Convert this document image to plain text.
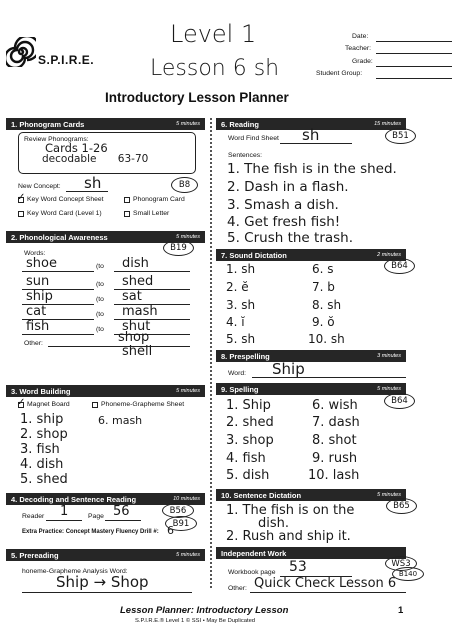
S.P.I.R.E.
Level 1
Lesson 6 sh
Date:
Teacher:
Grade:
Student Group:
Introductory Lesson Planner
1. Phonogram Cards	5 minutes
Review Phonograms:
Cards 1-26
decodable 63-70
New Concept: sh	B8
✓ Key Word Concept Sheet	Phonogram Card
Key Word Card (Level 1)	Small Letter
2. Phonological Awareness	5 minutes
B19
Words:
shoe	(to dish
sun	(to shed
ship	(to sat
cat	(to mash
fish	(to shut
Other:	shop
shell
3. Word Building	5 minutes
✓ Magnet Board	Phoneme-Grapheme Sheet
1. ship
2. shop
3. fish
4. dish
5. shed
6. mash
4. Decoding and Sentence Reading	10 minutes
Reader 1	Page 56	B56
B91
Extra Practice: Concept Mastery Fluency Drill #: 6
5. Prereading	5 minutes
honeme-Grapheme Analysis Word:
Ship → Shop
6. Reading	15 minutes
Word Find Sheet sh	B51
Sentences:
1. The fish is in the shed.
2. Dash in a flash.
3. Smash a dish.
4. Get fresh fish!
5. Crush the trash.
7. Sound Dictation	2 minutes
B64
1. sh
2. ĕ
3. sh
4. ĭ
5. sh
6. s
7. b
8. sh
9. ŏ
10. sh
8. Prespelling	3 minutes
Word: Ship
9. Spelling	5 minutes
B64
1. Ship
2. shed
3. shop
4. fish
5. dish
6. wish
7. dash
8. shot
9. rush
10. lash
10. Sentence Dictation	5 minutes
B65
1. The fish is on the
dish.
2. Rush and ship it.
Independent Work
Workbook page 53	WS3
B140
Other: Quick Check Lesson 6
Lesson Planner: Introductory Lesson	1
S.P.I.R.E.® Level 1 © SSI • May Be Duplicated
